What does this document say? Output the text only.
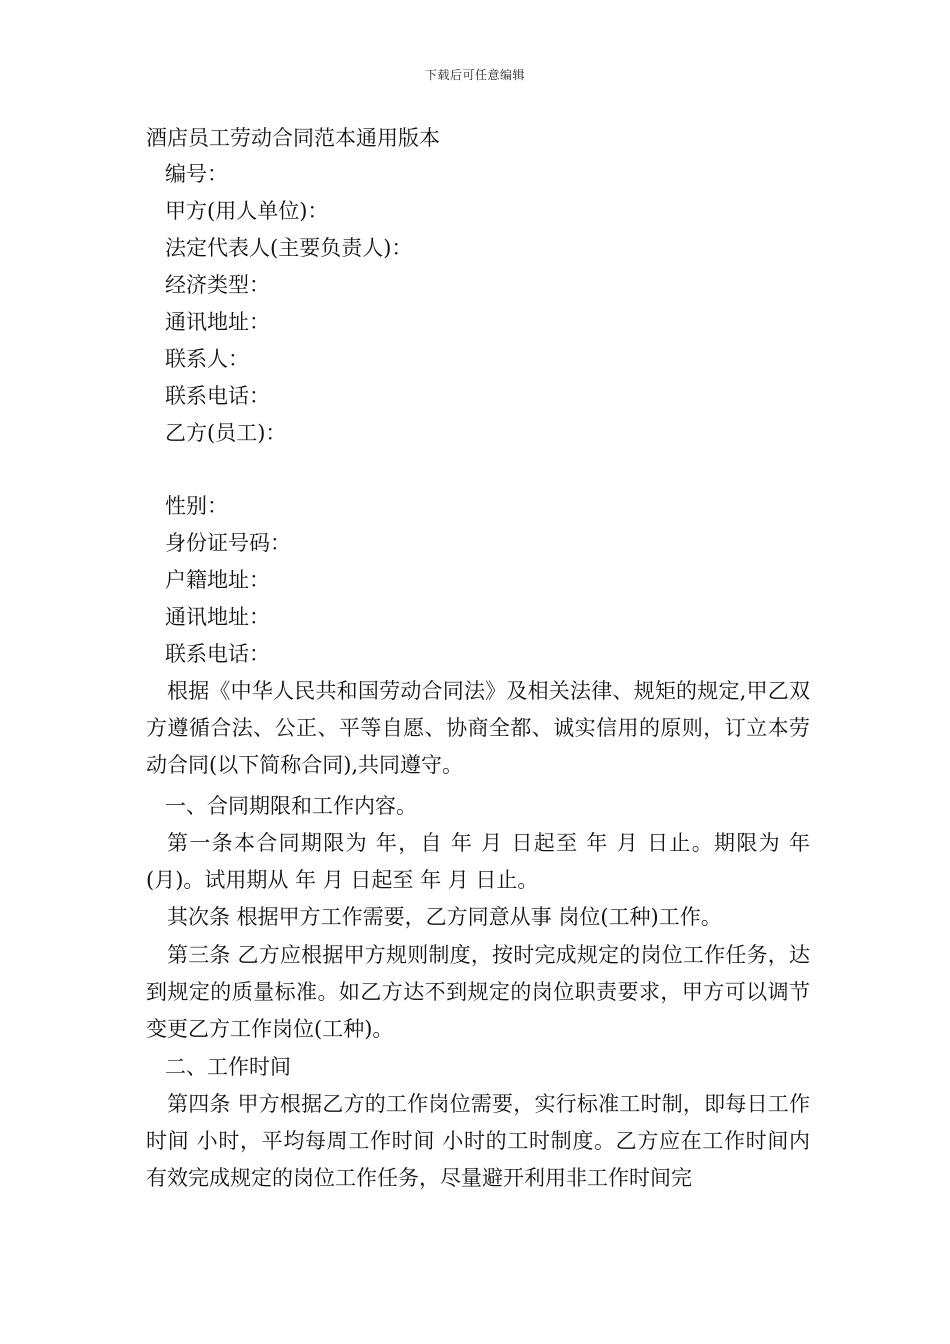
下载后可任意编辑
酒店员工劳动合同范本通用版本
编号：
甲方(用人单位)：
法定代表人(主要负责人)：
经济类型：
通讯地址：
联系人：
联系电话：
乙方(员工)：
性别：
身份证号码：
户籍地址：
通讯地址：
联系电话：
根据《中华人民共和国劳动合同法》及相关法律、规矩的规定,甲乙双方遵循合法、公正、平等自愿、协商全都、诚实信用的原则，订立本劳动合同(以下简称合同),共同遵守。
一、合同期限和工作内容。
第一条本合同期限为 年，自 年 月 日起至 年 月 日止。期限为 年(月)。试用期从 年 月 日起至 年 月 日止。
其次条 根据甲方工作需要，乙方同意从事 岗位(工种)工作。
第三条 乙方应根据甲方规则制度，按时完成规定的岗位工作任务，达到规定的质量标准。如乙方达不到规定的岗位职责要求，甲方可以调节变更乙方工作岗位(工种)。
二、工作时间
第四条 甲方根据乙方的工作岗位需要，实行标准工时制，即每日工作时间 小时，平均每周工作时间 小时的工时制度。乙方应在工作时间内有效完成规定的岗位工作任务，尽量避开利用非工作时间完
